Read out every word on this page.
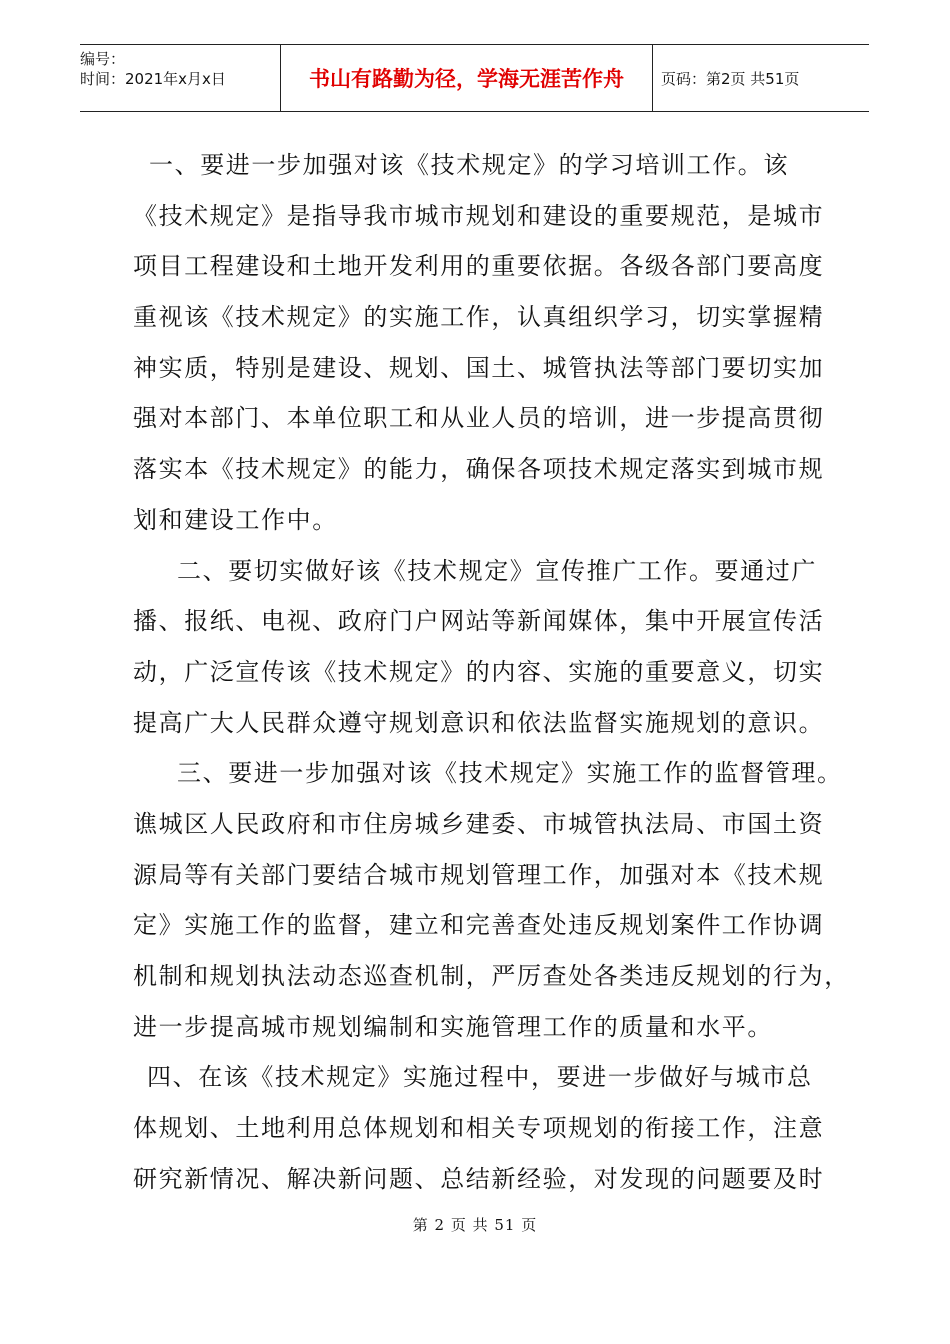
编号：
时间：2021年x月x日	书山有路勤为径，学海无涯苦作舟 页码：第2页 共51页
一、要进一步加强对该《技术规定》的学习培训工作。该
《技术规定》是指导我市城市规划和建设的重要规范，是城市
项目工程建设和土地开发利用的重要依据。各级各部门要高度
重视该《技术规定》的实施工作，认真组织学习，切实掌握精
神实质，特别是建设、规划、国土、城管执法等部门要切实加
强对本部门、本单位职工和从业人员的培训，进一步提高贯彻
落实本《技术规定》的能力，确保各项技术规定落实到城市规
划和建设工作中。
二、要切实做好该《技术规定》宣传推广工作。要通过广
播、报纸、电视、政府门户网站等新闻媒体，集中开展宣传活
动，广泛宣传该《技术规定》的内容、实施的重要意义，切实
提高广大人民群众遵守规划意识和依法监督实施规划的意识。
三、要进一步加强对该《技术规定》实施工作的监督管理。
谯城区人民政府和市住房城乡建委、市城管执法局、市国土资
源局等有关部门要结合城市规划管理工作，加强对本《技术规
定》实施工作的监督，建立和完善查处违反规划案件工作协调
机制和规划执法动态巡查机制，严厉查处各类违反规划的行为，
进一步提高城市规划编制和实施管理工作的质量和水平。
四、在该《技术规定》实施过程中，要进一步做好与城市总
体规划、土地利用总体规划和相关专项规划的衔接工作，注意
研究新情况、解决新问题、总结新经验，对发现的问题要及时
第 2 页 共 51 页
